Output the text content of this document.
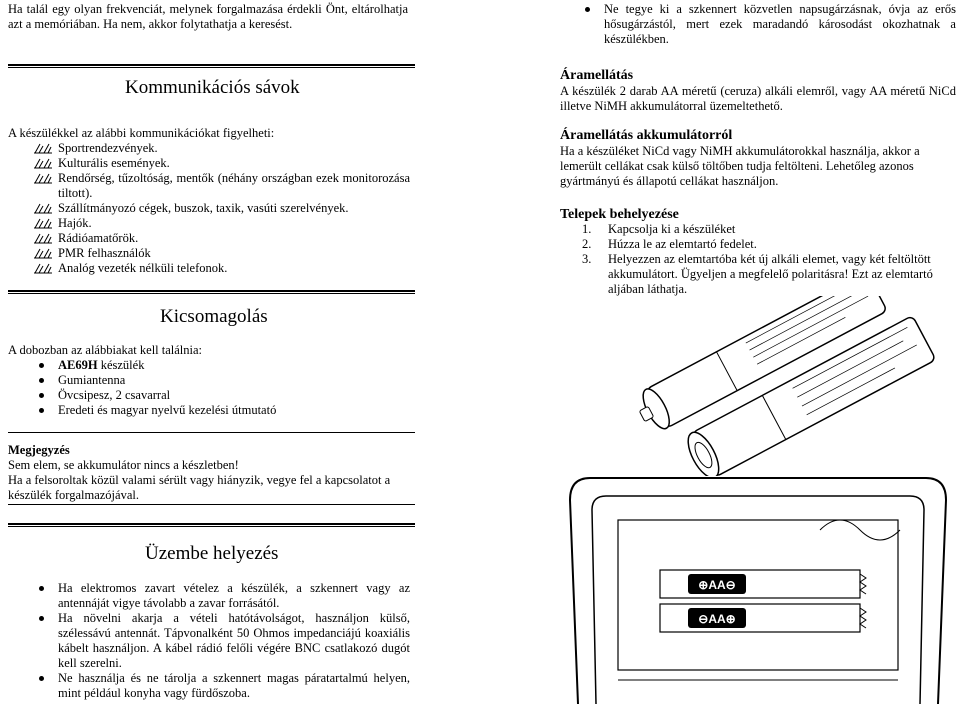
Ha talál egy olyan frekvenciát, melynek forgalmazása érdekli Önt, eltárolhatja azt a memóriában. Ha nem, akkor folytathatja a keresést.
Kommunikációs sávok
A készülékkel az alábbi kommunikációkat figyelheti:
Sportrendezvények.
Kulturális események.
Rendőrség, tűzoltóság, mentők (néhány országban ezek monitorozása tiltott).
Szállítmányozó cégek, buszok, taxik, vasúti szerelvények.
Hajók.
Rádióamatőrök.
PMR felhasználók
Analóg vezeték nélküli telefonok.
Kicsomagolás
A dobozban az alábbiakat kell találnia:
AE69H készülék
Gumiantenna
Övcsipesz, 2 csavarral
Eredeti és magyar nyelvű kezelési útmutató
Megjegyzés
Sem elem, se akkumulátor nincs a készletben!
Ha a felsoroltak közül valami sérült vagy hiányzik, vegye fel a kapcsolatot a készülék forgalmazójával.
Üzembe helyezés
Ha elektromos zavart vételez a készülék, a szkennert vagy az antennáját vigye távolabb a zavar forrásától.
Ha növelni akarja a vételi hatótávolságot, használjon külső, szélessávú antennát. Tápvonalként 50 Ohmos impedanciájú koaxiális kábelt használjon. A kábel rádió felőli végére BNC csatlakozó dugót kell szerelni.
Ne használja és ne tárolja a szkennert magas páratartalmú helyen, mint például konyha vagy fürdőszoba.
Ne tegye ki a szkennert közvetlen napsugárzásnak, óvja az erős hősugárzástól, mert ezek maradandó károsodást okozhatnak a készülékben.
Áramellátás
A készülék 2 darab AA méretű (ceruza) alkáli elemről, vagy AA méretű NiCd illetve NiMH akkumulátorral üzemeltethető.
Áramellátás akkumulátorról
Ha a készüléket NiCd vagy NiMH akkumulátorokkal használja, akkor a lemerült cellákat csak külső töltőben tudja feltölteni. Lehetőleg azonos gyártmányú és állapotú cellákat használjon.
Telepek behelyezése
1. Kapcsolja ki a készüléket
2. Húzza le az elemtartó fedelet.
3. Helyezzen az elemtartóba két új alkáli elemet, vagy két feltöltött akkumulátort. Ügyeljen a megfelelő polaritásra! Ezt az elemtartó aljában láthatja.
⊕AA⊖
⊖AA⊕
